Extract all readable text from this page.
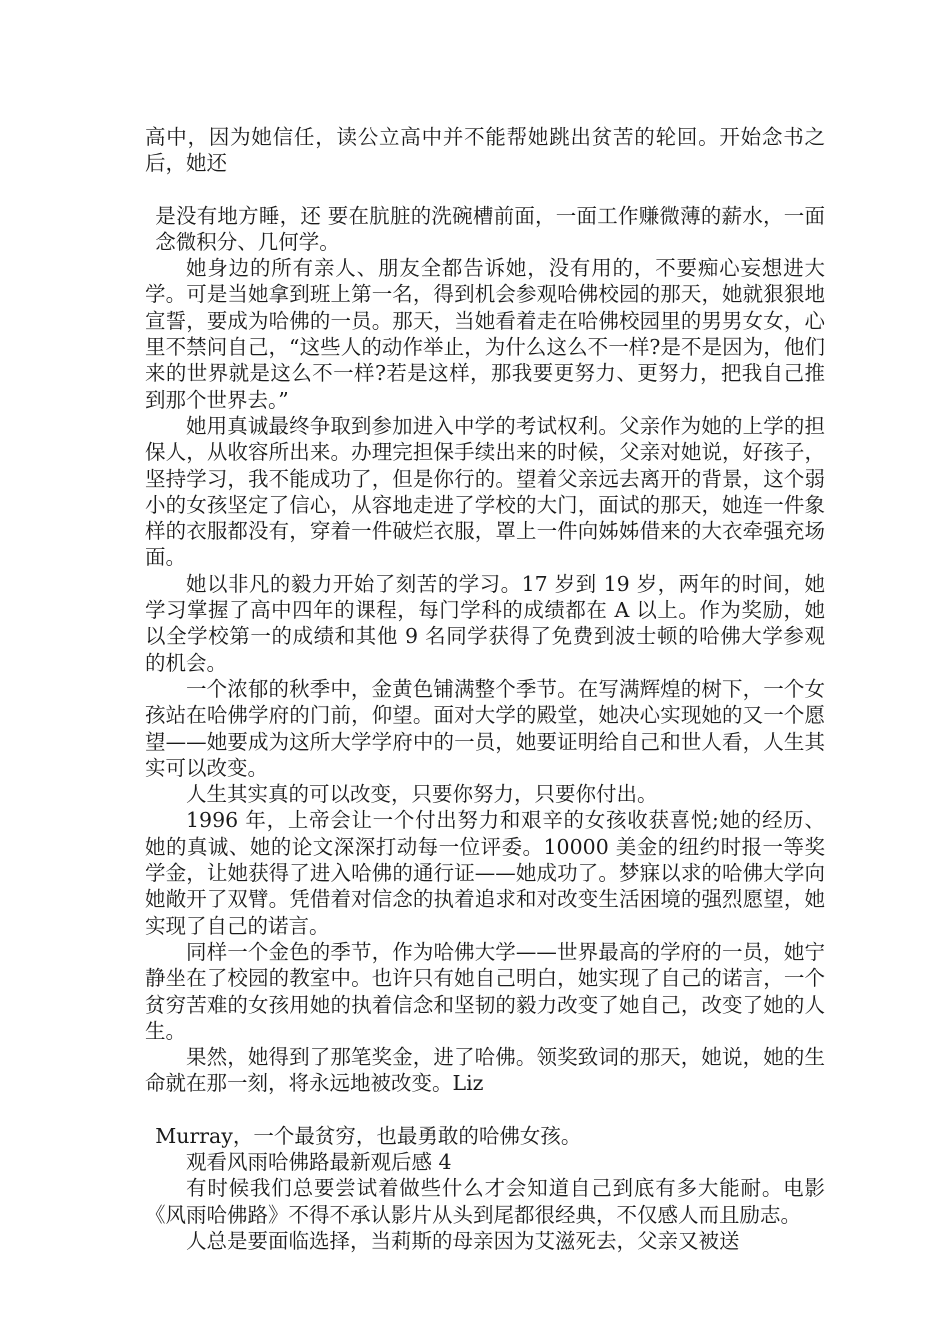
高中，因为她信任，读公立高中并不能帮她跳出贫苦的轮回。开始念书之后，她还

是没有地方睡，还 要在肮脏的洗碗槽前面，一面工作赚微薄的薪水，一面念微积分、几何学。

她身边的所有亲人、朋友全都告诉她，没有用的，不要痴心妄想进大学。可是当她拿到班上第一名，得到机会参观哈佛校园的那天，她就狠狠地宣誓，要成为哈佛的一员。那天，当她看着走在哈佛校园里的男男女女，心里不禁问自己，“这些人的动作举止，为什么这么不一样?是不是因为，他们来的世界就是这么不一样?若是这样，那我要更努力、更努力，把我自己推到那个世界去。”

她用真诚最终争取到参加进入中学的考试权利。父亲作为她的上学的担保人，从收容所出来。办理完担保手续出来的时候，父亲对她说，好孩子，坚持学习，我不能成功了，但是你行的。望着父亲远去离开的背景，这个弱小的女孩坚定了信心，从容地走进了学校的大门，面试的那天，她连一件象样的衣服都没有，穿着一件破烂衣服，罩上一件向姊姊借来的大衣牵强充场面。

她以非凡的毅力开始了刻苦的学习。17 岁到 19 岁，两年的时间，她学习掌握了高中四年的课程，每门学科的成绩都在 A 以上。作为奖励，她以全学校第一的成绩和其他 9 名同学获得了免费到波士顿的哈佛大学参观的机会。

一个浓郁的秋季中，金黄色铺满整个季节。在写满辉煌的树下，一个女孩站在哈佛学府的门前，仰望。面对大学的殿堂，她决心实现她的又一个愿望——她要成为这所大学学府中的一员，她要证明给自己和世人看，人生其实可以改变。

人生其实真的可以改变，只要你努力，只要你付出。

1996 年，上帝会让一个付出努力和艰辛的女孩收获喜悦;她的经历、她的真诚、她的论文深深打动每一位评委。10000 美金的纽约时报一等奖学金，让她获得了进入哈佛的通行证——她成功了。梦寐以求的哈佛大学向她敞开了双臂。凭借着对信念的执着追求和对改变生活困境的强烈愿望，她实现了自己的诺言。

同样一个金色的季节，作为哈佛大学——世界最高的学府的一员，她宁静坐在了校园的教室中。也许只有她自己明白，她实现了自己的诺言，一个贫穷苦难的女孩用她的执着信念和坚韧的毅力改变了她自己，改变了她的人生。

果然，她得到了那笔奖金，进了哈佛。领奖致词的那天，她说，她的生命就在那一刻，将永远地被改变。Liz

Murray，一个最贫穷，也最勇敢的哈佛女孩。

观看风雨哈佛路最新观后感 4

有时候我们总要尝试着做些什么才会知道自己到底有多大能耐。电影《风雨哈佛路》不得不承认影片从头到尾都很经典，不仅感人而且励志。

人总是要面临选择，当莉斯的母亲因为艾滋死去，父亲又被送
